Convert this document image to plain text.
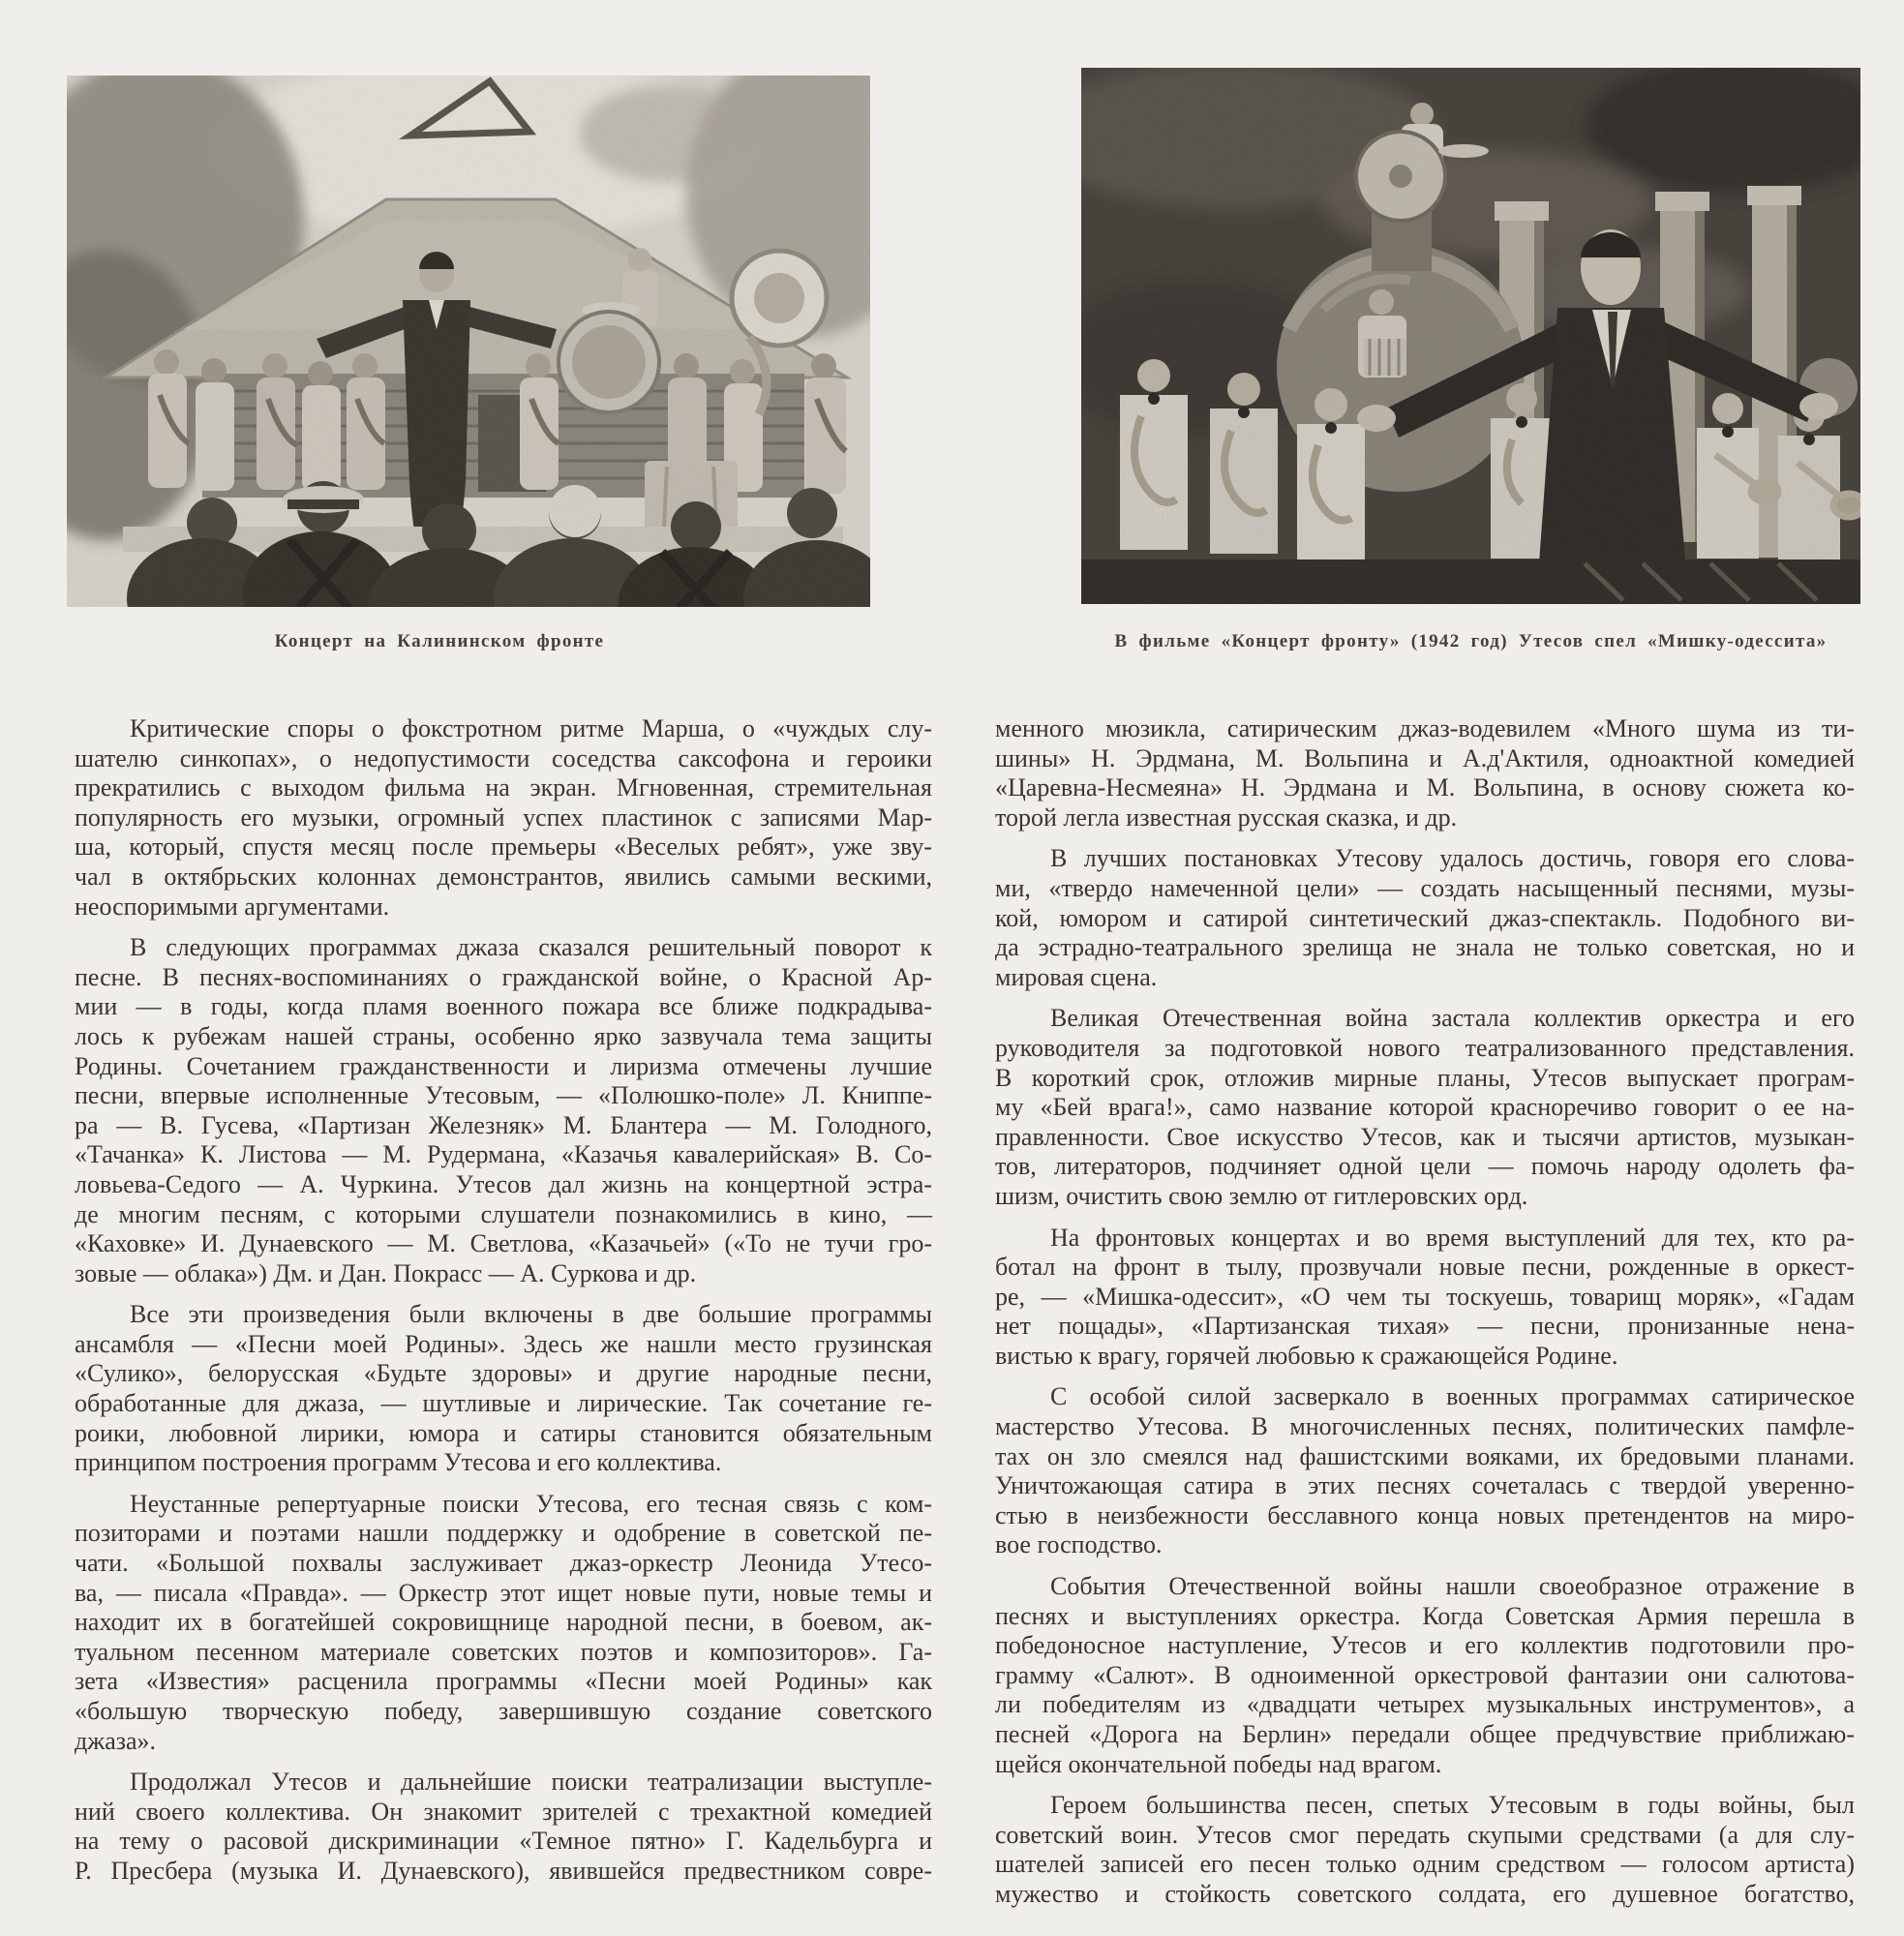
Концерт на Калининском фронте	В фильме «Концерт фронту» (1942 год) Утесов спел «Мишку-одессита»
Критические споры о фокстротном ритме Марша, о «чуждых слу-
шателю синкопах», о недопустимости соседства саксофона и героики
прекратились с выходом фильма на экран. Мгновенная, стремительная
популярность его музыки, огромный успех пластинок с записями Мар-
ша, который, спустя месяц после премьеры «Веселых ребят», уже зву-
чал в октябрьских колоннах демонстрантов, явились самыми вескими,
неоспоримыми аргументами.
В следующих программах джаза сказался решительный поворот к
песне. В песнях-воспоминаниях о гражданской войне, о Красной Ар-
мии — в годы, когда пламя военного пожара все ближе подкрадыва-
лось к рубежам нашей страны, особенно ярко зазвучала тема защиты
Родины. Сочетанием гражданственности и лиризма отмечены лучшие
песни, впервые исполненные Утесовым, — «Полюшко-поле» Л. Книппе-
ра — В. Гусева, «Партизан Железняк» М. Блантера — М. Голодного,
«Тачанка» К. Листова — М. Рудермана, «Казачья кавалерийская» В. Со-
ловьева-Седого — А. Чуркина. Утесов дал жизнь на концертной эстра-
де многим песням, с которыми слушатели познакомились в кино, —
«Каховке» И. Дунаевского — М. Светлова, «Казачьей» («То не тучи гро-
зовые — облака») Дм. и Дан. Покрасс — А. Суркова и др.
Все эти произведения были включены в две большие программы
ансамбля — «Песни моей Родины». Здесь же нашли место грузинская
«Сулико», белорусская «Будьте здоровы» и другие народные песни,
обработанные для джаза, — шутливые и лирические. Так сочетание ге-
роики, любовной лирики, юмора и сатиры становится обязательным
принципом построения программ Утесова и его коллектива.
Неустанные репертуарные поиски Утесова, его тесная связь с ком-
позиторами и поэтами нашли поддержку и одобрение в советской пе-
чати. «Большой похвалы заслуживает джаз-оркестр Леонида Утесо-
ва, — писала «Правда». — Оркестр этот ищет новые пути, новые темы и
находит их в богатейшей сокровищнице народной песни, в боевом, ак-
туальном песенном материале советских поэтов и композиторов». Га-
зета «Известия» расценила программы «Песни моей Родины» как
«большую творческую победу, завершившую создание советского
джаза».
Продолжал Утесов и дальнейшие поиски театрализации выступле-
ний своего коллектива. Он знакомит зрителей с трехактной комедией
на тему о расовой дискриминации «Темное пятно» Г. Кадельбурга и
Р. Пресбера (музыка И. Дунаевского), явившейся предвестником совре-
менного мюзикла, сатирическим джаз-водевилем «Много шума из ти-
шины» Н. Эрдмана, М. Вольпина и А.д'Актиля, одноактной комедией
«Царевна-Несмеяна» Н. Эрдмана и М. Вольпина, в основу сюжета ко-
торой легла известная русская сказка, и др.
В лучших постановках Утесову удалось достичь, говоря его слова-
ми, «твердо намеченной цели» — создать насыщенный песнями, музы-
кой, юмором и сатирой синтетический джаз-спектакль. Подобного ви-
да эстрадно-театрального зрелища не знала не только советская, но и
мировая сцена.
Великая Отечественная война застала коллектив оркестра и его
руководителя за подготовкой нового театрализованного представления.
В короткий срок, отложив мирные планы, Утесов выпускает програм-
му «Бей врага!», само название которой красноречиво говорит о ее на-
правленности. Свое искусство Утесов, как и тысячи артистов, музыкан-
тов, литераторов, подчиняет одной цели — помочь народу одолеть фа-
шизм, очистить свою землю от гитлеровских орд.
На фронтовых концертах и во время выступлений для тех, кто ра-
ботал на фронт в тылу, прозвучали новые песни, рожденные в оркест-
ре, — «Мишка-одессит», «О чем ты тоскуешь, товарищ моряк», «Гадам
нет пощады», «Партизанская тихая» — песни, пронизанные нена-
вистью к врагу, горячей любовью к сражающейся Родине.
С особой силой засверкало в военных программах сатирическое
мастерство Утесова. В многочисленных песнях, политических памфле-
тах он зло смеялся над фашистскими вояками, их бредовыми планами.
Уничтожающая сатира в этих песнях сочеталась с твердой уверенно-
стью в неизбежности бесславного конца новых претендентов на миро-
вое господство.
События Отечественной войны нашли своеобразное отражение в
песнях и выступлениях оркестра. Когда Советская Армия перешла в
победоносное наступление, Утесов и его коллектив подготовили про-
грамму «Салют». В одноименной оркестровой фантазии они салютова-
ли победителям из «двадцати четырех музыкальных инструментов», а
песней «Дорога на Берлин» передали общее предчувствие приближаю-
щейся окончательной победы над врагом.
Героем большинства песен, спетых Утесовым в годы войны, был
советский воин. Утесов смог передать скупыми средствами (а для слу-
шателей записей его песен только одним средством — голосом артиста)
мужество и стойкость советского солдата, его душевное богатство,
